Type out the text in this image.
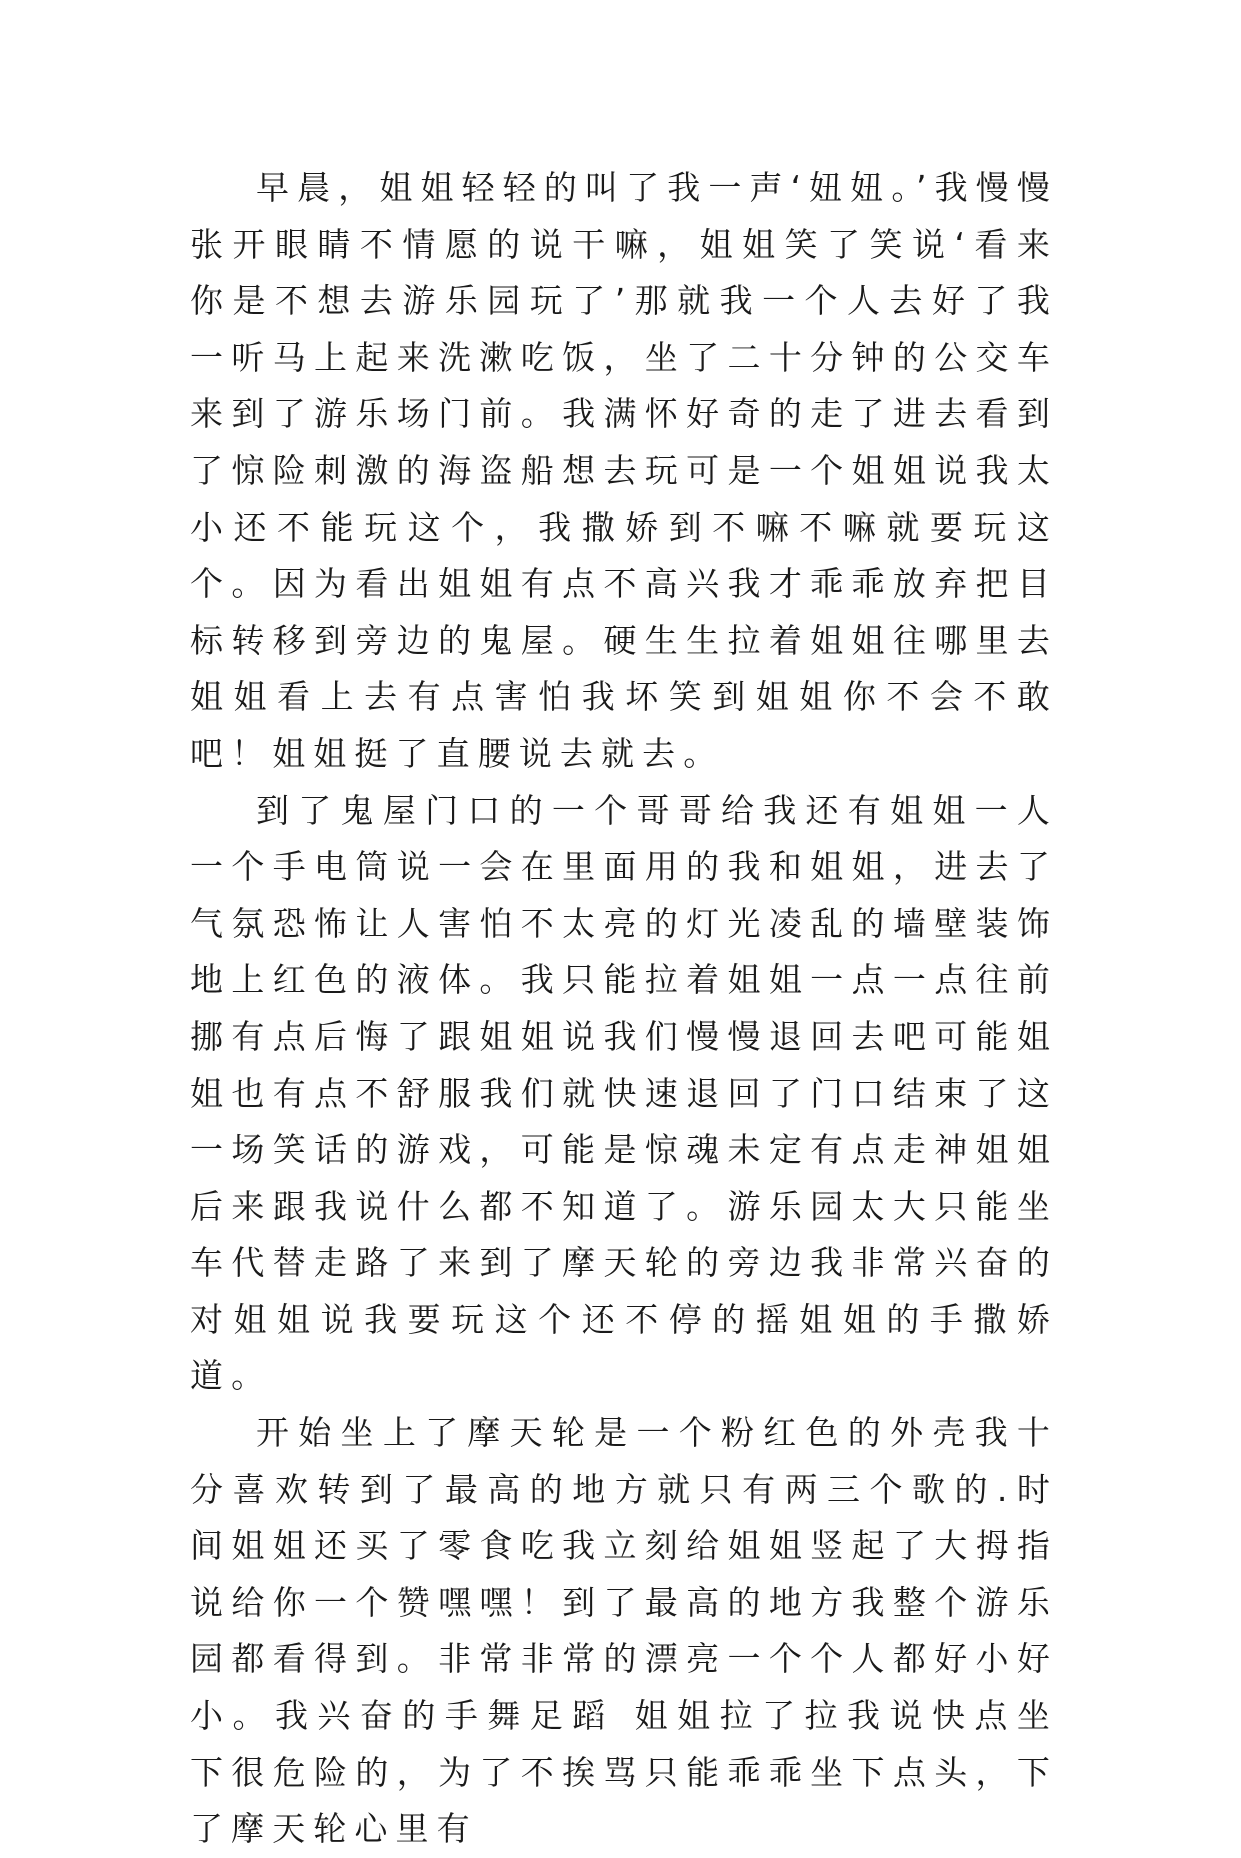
早晨，姐姐轻轻的叫了我一声‘妞妞。’我慢慢张开眼睛不情愿的说干嘛，姐姐笑了笑说‘看来你是不想去游乐园玩了’那就我一个人去好了我一听马上起来洗漱吃饭，坐了二十分钟的公交车来到了游乐场门前。我满怀好奇的走了进去看到了惊险刺激的海盗船想去玩可是一个姐姐说我太小还不能玩这个，我撒娇到不嘛不嘛就要玩这个。因为看出姐姐有点不高兴我才乖乖放弃把目标转移到旁边的鬼屋。硬生生拉着姐姐往哪里去姐姐看上去有点害怕我坏笑到姐姐你不会不敢吧！姐姐挺了直腰说去就去。

到了鬼屋门口的一个哥哥给我还有姐姐一人一个手电筒说一会在里面用的我和姐姐，进去了气氛恐怖让人害怕不太亮的灯光凌乱的墙壁装饰地上红色的液体。我只能拉着姐姐一点一点往前挪有点后悔了跟姐姐说我们慢慢退回去吧可能姐姐也有点不舒服我们就快速退回了门口结束了这一场笑话的游戏，可能是惊魂未定有点走神姐姐后来跟我说什么都不知道了。游乐园太大只能坐车代替走路了来到了摩天轮的旁边我非常兴奋的对姐姐说我要玩这个还不停的摇姐姐的手撒娇道。

开始坐上了摩天轮是一个粉红色的外壳我十分喜欢转到了最高的地方就只有两三个歌的.时间姐姐还买了零食吃我立刻给姐姐竖起了大拇指说给你一个赞嘿嘿！到了最高的地方我整个游乐园都看得到。非常非常的漂亮一个个人都好小好小。我兴奋的手舞足蹈 姐姐拉了拉我说快点坐下很危险的，为了不挨骂只能乖乖坐下点头，下了摩天轮心里有
